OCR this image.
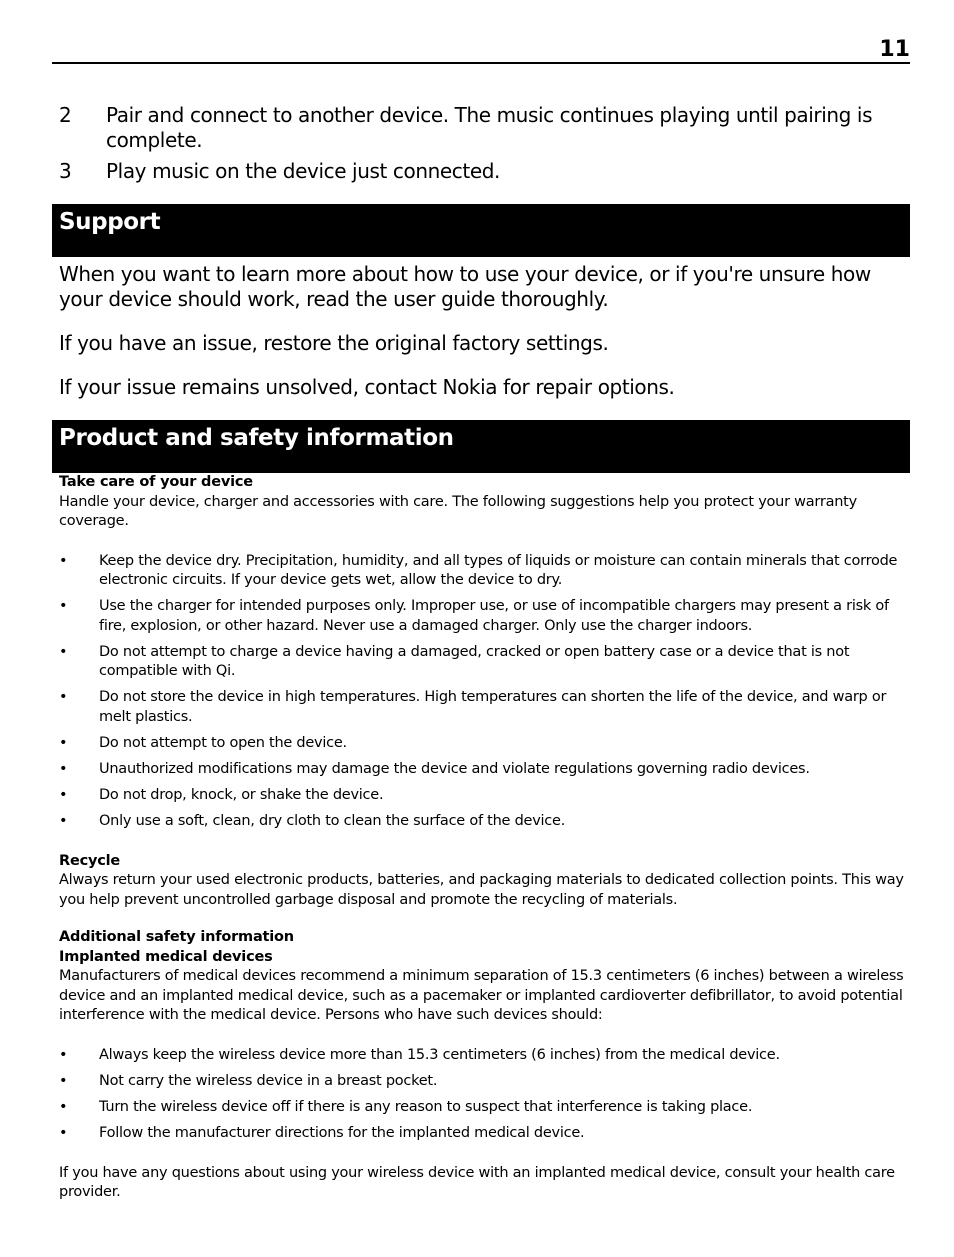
11
2	Pair and connect to another device. The music continues playing until pairing is complete.
3	Play music on the device just connected.
Support

When you want to learn more about how to use your device, or if you're unsure how your device should work, read the user guide thoroughly.

If you have an issue, restore the original factory settings.

If your issue remains unsolved, contact Nokia for repair options.

Product and safety information
Take care of your device
Handle your device, charger and accessories with care. The following suggestions help you protect your warranty coverage.
•	Keep the device dry. Precipitation, humidity, and all types of liquids or moisture can contain minerals that corrode electronic circuits. If your device gets wet, allow the device to dry.
•	Use the charger for intended purposes only. Improper use, or use of incompatible chargers may present a risk of fire, explosion, or other hazard. Never use a damaged charger. Only use the charger indoors.
•	Do not attempt to charge a device having a damaged, cracked or open battery case or a device that is not compatible with Qi.
•	Do not store the device in high temperatures. High temperatures can shorten the life of the device, and warp or melt plastics.
•	Do not attempt to open the device.
•	Unauthorized modifications may damage the device and violate regulations governing radio devices.
•	Do not drop, knock, or shake the device.
•	Only use a soft, clean, dry cloth to clean the surface of the device.
Recycle
Always return your used electronic products, batteries, and packaging materials to dedicated collection points. This way you help prevent uncontrolled garbage disposal and promote the recycling of materials.
Additional safety information
Implanted medical devices
Manufacturers of medical devices recommend a minimum separation of 15.3 centimeters (6 inches) between a wireless device and an implanted medical device, such as a pacemaker or implanted cardioverter defibrillator, to avoid potential interference with the medical device. Persons who have such devices should:
•	Always keep the wireless device more than 15.3 centimeters (6 inches) from the medical device.
•	Not carry the wireless device in a breast pocket.
•	Turn the wireless device off if there is any reason to suspect that interference is taking place.
•	Follow the manufacturer directions for the implanted medical device.
If you have any questions about using your wireless device with an implanted medical device, consult your health care provider.
